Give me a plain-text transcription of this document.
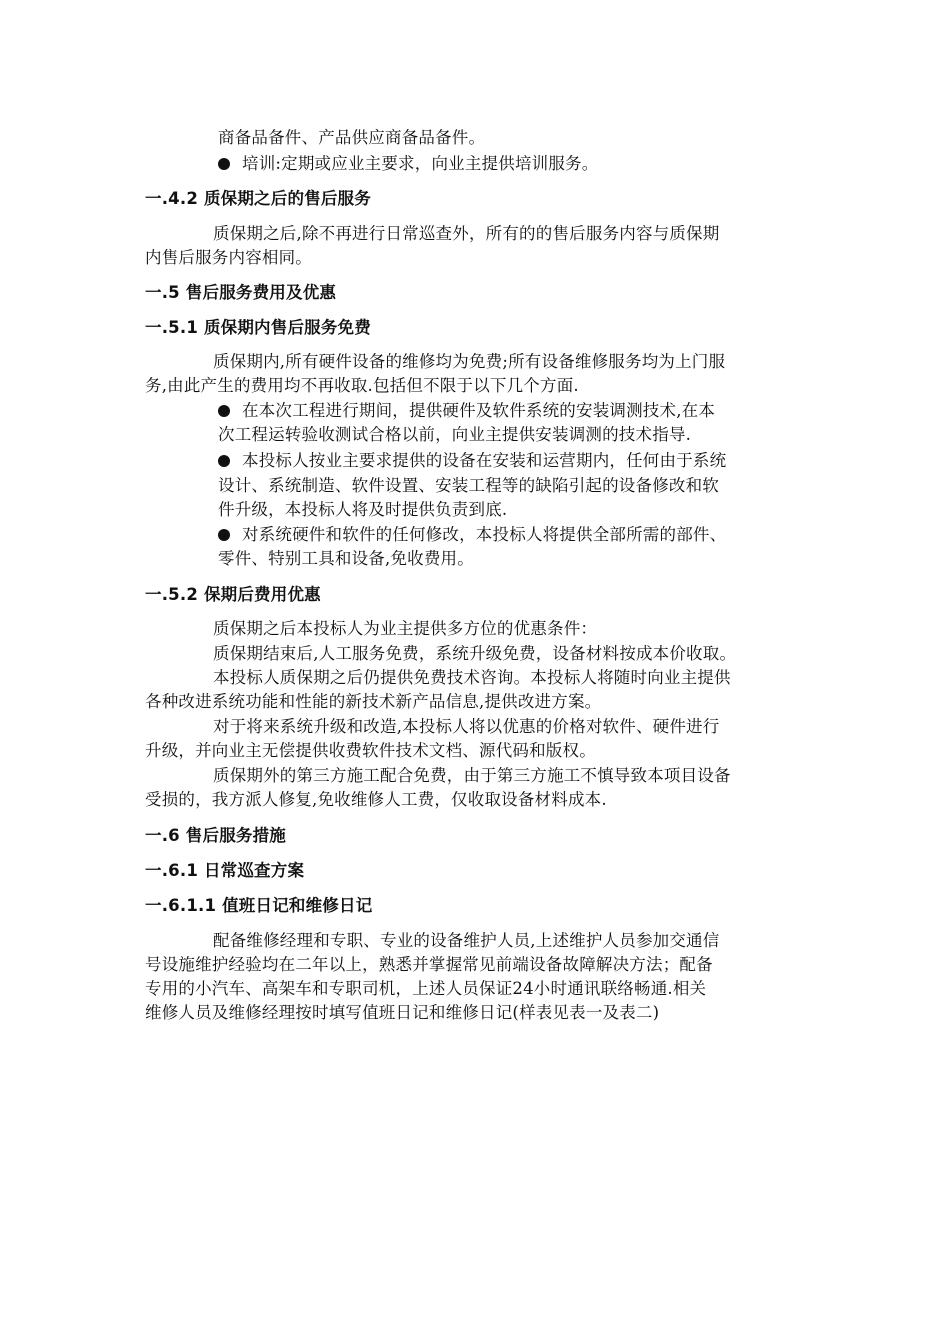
商备品备件、产品供应商备品备件。
培训:定期或应业主要求，向业主提供培训服务。
一.4.2 质保期之后的售后服务
质保期之后,除不再进行日常巡查外，所有的的售后服务内容与质保期
内售后服务内容相同。
一.5 售后服务费用及优惠
一.5.1 质保期内售后服务免费
质保期内,所有硬件设备的维修均为免费;所有设备维修服务均为上门服
务,由此产生的费用均不再收取.包括但不限于以下几个方面.
在本次工程进行期间，提供硬件及软件系统的安装调测技术,在本
次工程运转验收测试合格以前，向业主提供安装调测的技术指导.
本投标人按业主要求提供的设备在安装和运营期内，任何由于系统
设计、系统制造、软件设置、安装工程等的缺陷引起的设备修改和软
件升级，本投标人将及时提供负责到底.
对系统硬件和软件的任何修改，本投标人将提供全部所需的部件、
零件、特别工具和设备,免收费用。
一.5.2 保期后费用优惠
质保期之后本投标人为业主提供多方位的优惠条件：
质保期结束后,人工服务免费，系统升级免费，设备材料按成本价收取。
本投标人质保期之后仍提供免费技术咨询。本投标人将随时向业主提供
各种改进系统功能和性能的新技术新产品信息,提供改进方案。
对于将来系统升级和改造,本投标人将以优惠的价格对软件、硬件进行
升级，并向业主无偿提供收费软件技术文档、源代码和版权。
质保期外的第三方施工配合免费，由于第三方施工不慎导致本项目设备
受损的，我方派人修复,免收维修人工费，仅收取设备材料成本.
一.6 售后服务措施
一.6.1 日常巡查方案
一.6.1.1 值班日记和维修日记
配备维修经理和专职、专业的设备维护人员,上述维护人员参加交通信
号设施维护经验均在二年以上，熟悉并掌握常见前端设备故障解决方法；配备
专用的小汽车、高架车和专职司机，上述人员保证24小时通讯联络畅通.相关
维修人员及维修经理按时填写值班日记和维修日记(样表见表一及表二)
